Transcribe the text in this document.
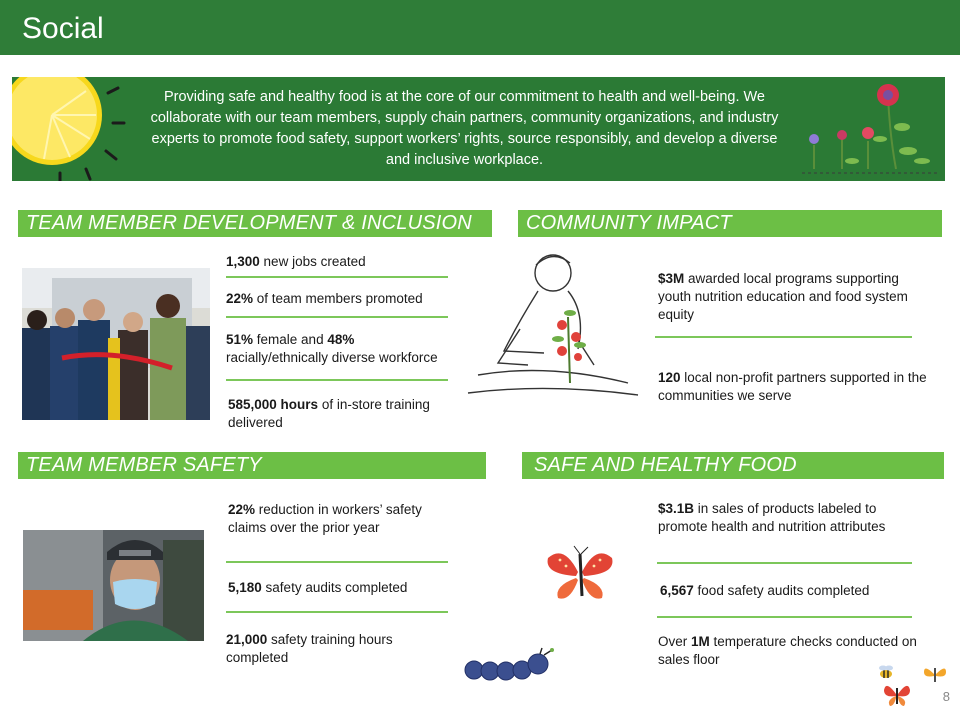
Social
Providing safe and healthy food is at the core of our commitment to health and well-being. We collaborate with our team members, supply chain partners, community organizations, and industry experts to promote food safety, support workers’ rights, source responsibly, and develop a diverse and inclusive workplace.
TEAM MEMBER DEVELOPMENT & INCLUSION
1,300 new jobs created
22% of team members promoted
51% female and 48%
racially/ethnically diverse workforce
585,000 hours of in-store training delivered
COMMUNITY IMPACT
$3M awarded local programs supporting youth nutrition education and food system equity
120 local non-profit partners supported in the communities we serve
TEAM MEMBER SAFETY
22% reduction in workers’ safety claims over the prior year
5,180 safety audits completed
21,000 safety training hours completed
SAFE AND HEALTHY FOOD
$3.1B in sales of products labeled to promote health and nutrition attributes
6,567 food safety audits completed
Over 1M temperature checks conducted on sales floor
8
